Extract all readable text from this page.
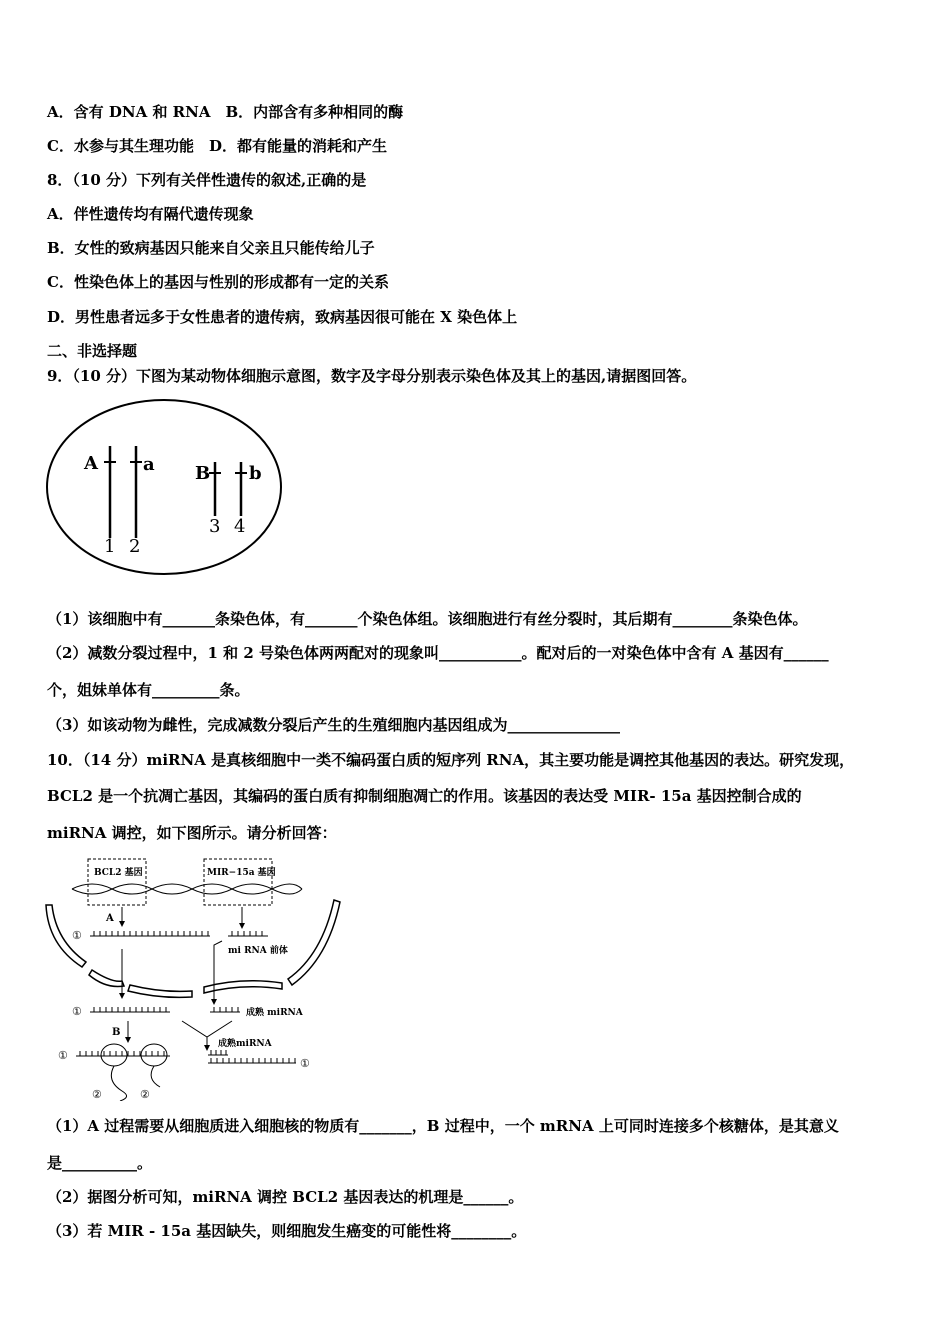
A．含有 DNA 和 RNA　B．内部含有多种相同的酶
C．水参与其生理功能　D．都有能量的消耗和产生
8．（10 分）下列有关伴性遗传的叙述,正确的是
A．伴性遗传均有隔代遗传现象
B．女性的致病基因只能来自父亲且只能传给儿子
C．性染色体上的基因与性别的形成都有一定的关系
D．男性患者远多于女性患者的遗传病，致病基因很可能在 X 染色体上
二、非选择题
9．（10 分）下图为某动物体细胞示意图，数字及字母分别表示染色体及其上的基因,请据图回答。
A	a B b
1 2
3 4
（1）该细胞中有_______条染色体，有_______个染色体组。该细胞进行有丝分裂时，其后期有________条染色体。
（2）减数分裂过程中，1 和 2 号染色体两两配对的现象叫___________。配对后的一对染色体中含有 A 基因有______
个，姐妹单体有_________条。
（3）如该动物为雌性，完成减数分裂后产生的生殖细胞内基因组成为_______________
10．（14 分）miRNA 是真核细胞中一类不编码蛋白质的短序列 RNA，其主要功能是调控其他基因的表达。研究发现，
BCL2 是一个抗凋亡基因，其编码的蛋白质有抑制细胞凋亡的作用。该基因的表达受 MIR- 15a 基因控制合成的
miRNA 调控，如下图所示。请分析回答：
BCL2 基因	MIR−15a 基因
A
①
mi RNA 前体
①	成熟 miRNA
B
成熟miRNA
①
②	②
①
（1）A 过程需要从细胞质进入细胞核的物质有_______，B 过程中，一个 mRNA 上可同时连接多个核糖体，是其意义
是__________。
（2）据图分析可知，miRNA 调控 BCL2 基因表达的机理是______。
（3）若 MIR - 15a 基因缺失，则细胞发生癌变的可能性将________。
